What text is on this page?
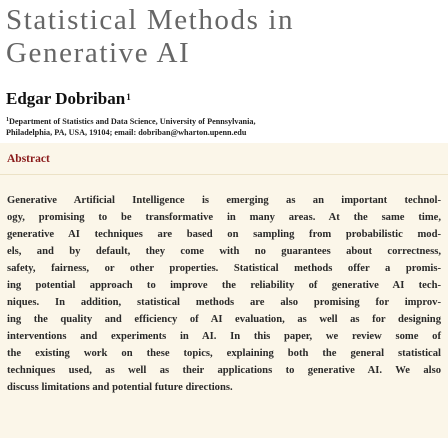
Statistical Methods in
Generative AI
Edgar Dobriban$^1$
$^1$Department of Statistics and Data Science, University of Pennsylvania,
Philadelphia, PA, USA, 19104; email: dobriban@wharton.upenn.edu
Abstract
Generative Artificial Intelligence is emerging as an important technol-
ogy, promising to be transformative in many areas. At the same time,
generative AI techniques are based on sampling from probabilistic mod-
els, and by default, they come with no guarantees about correctness,
safety, fairness, or other properties. Statistical methods offer a promis-
ing potential approach to improve the reliability of generative AI tech-
niques. In addition, statistical methods are also promising for improv-
ing the quality and efficiency of AI evaluation, as well as for designing
interventions and experiments in AI. In this paper, we review some of
the existing work on these topics, explaining both the general statistical
techniques used, as well as their applications to generative AI. We also
discuss limitations and potential future directions.
